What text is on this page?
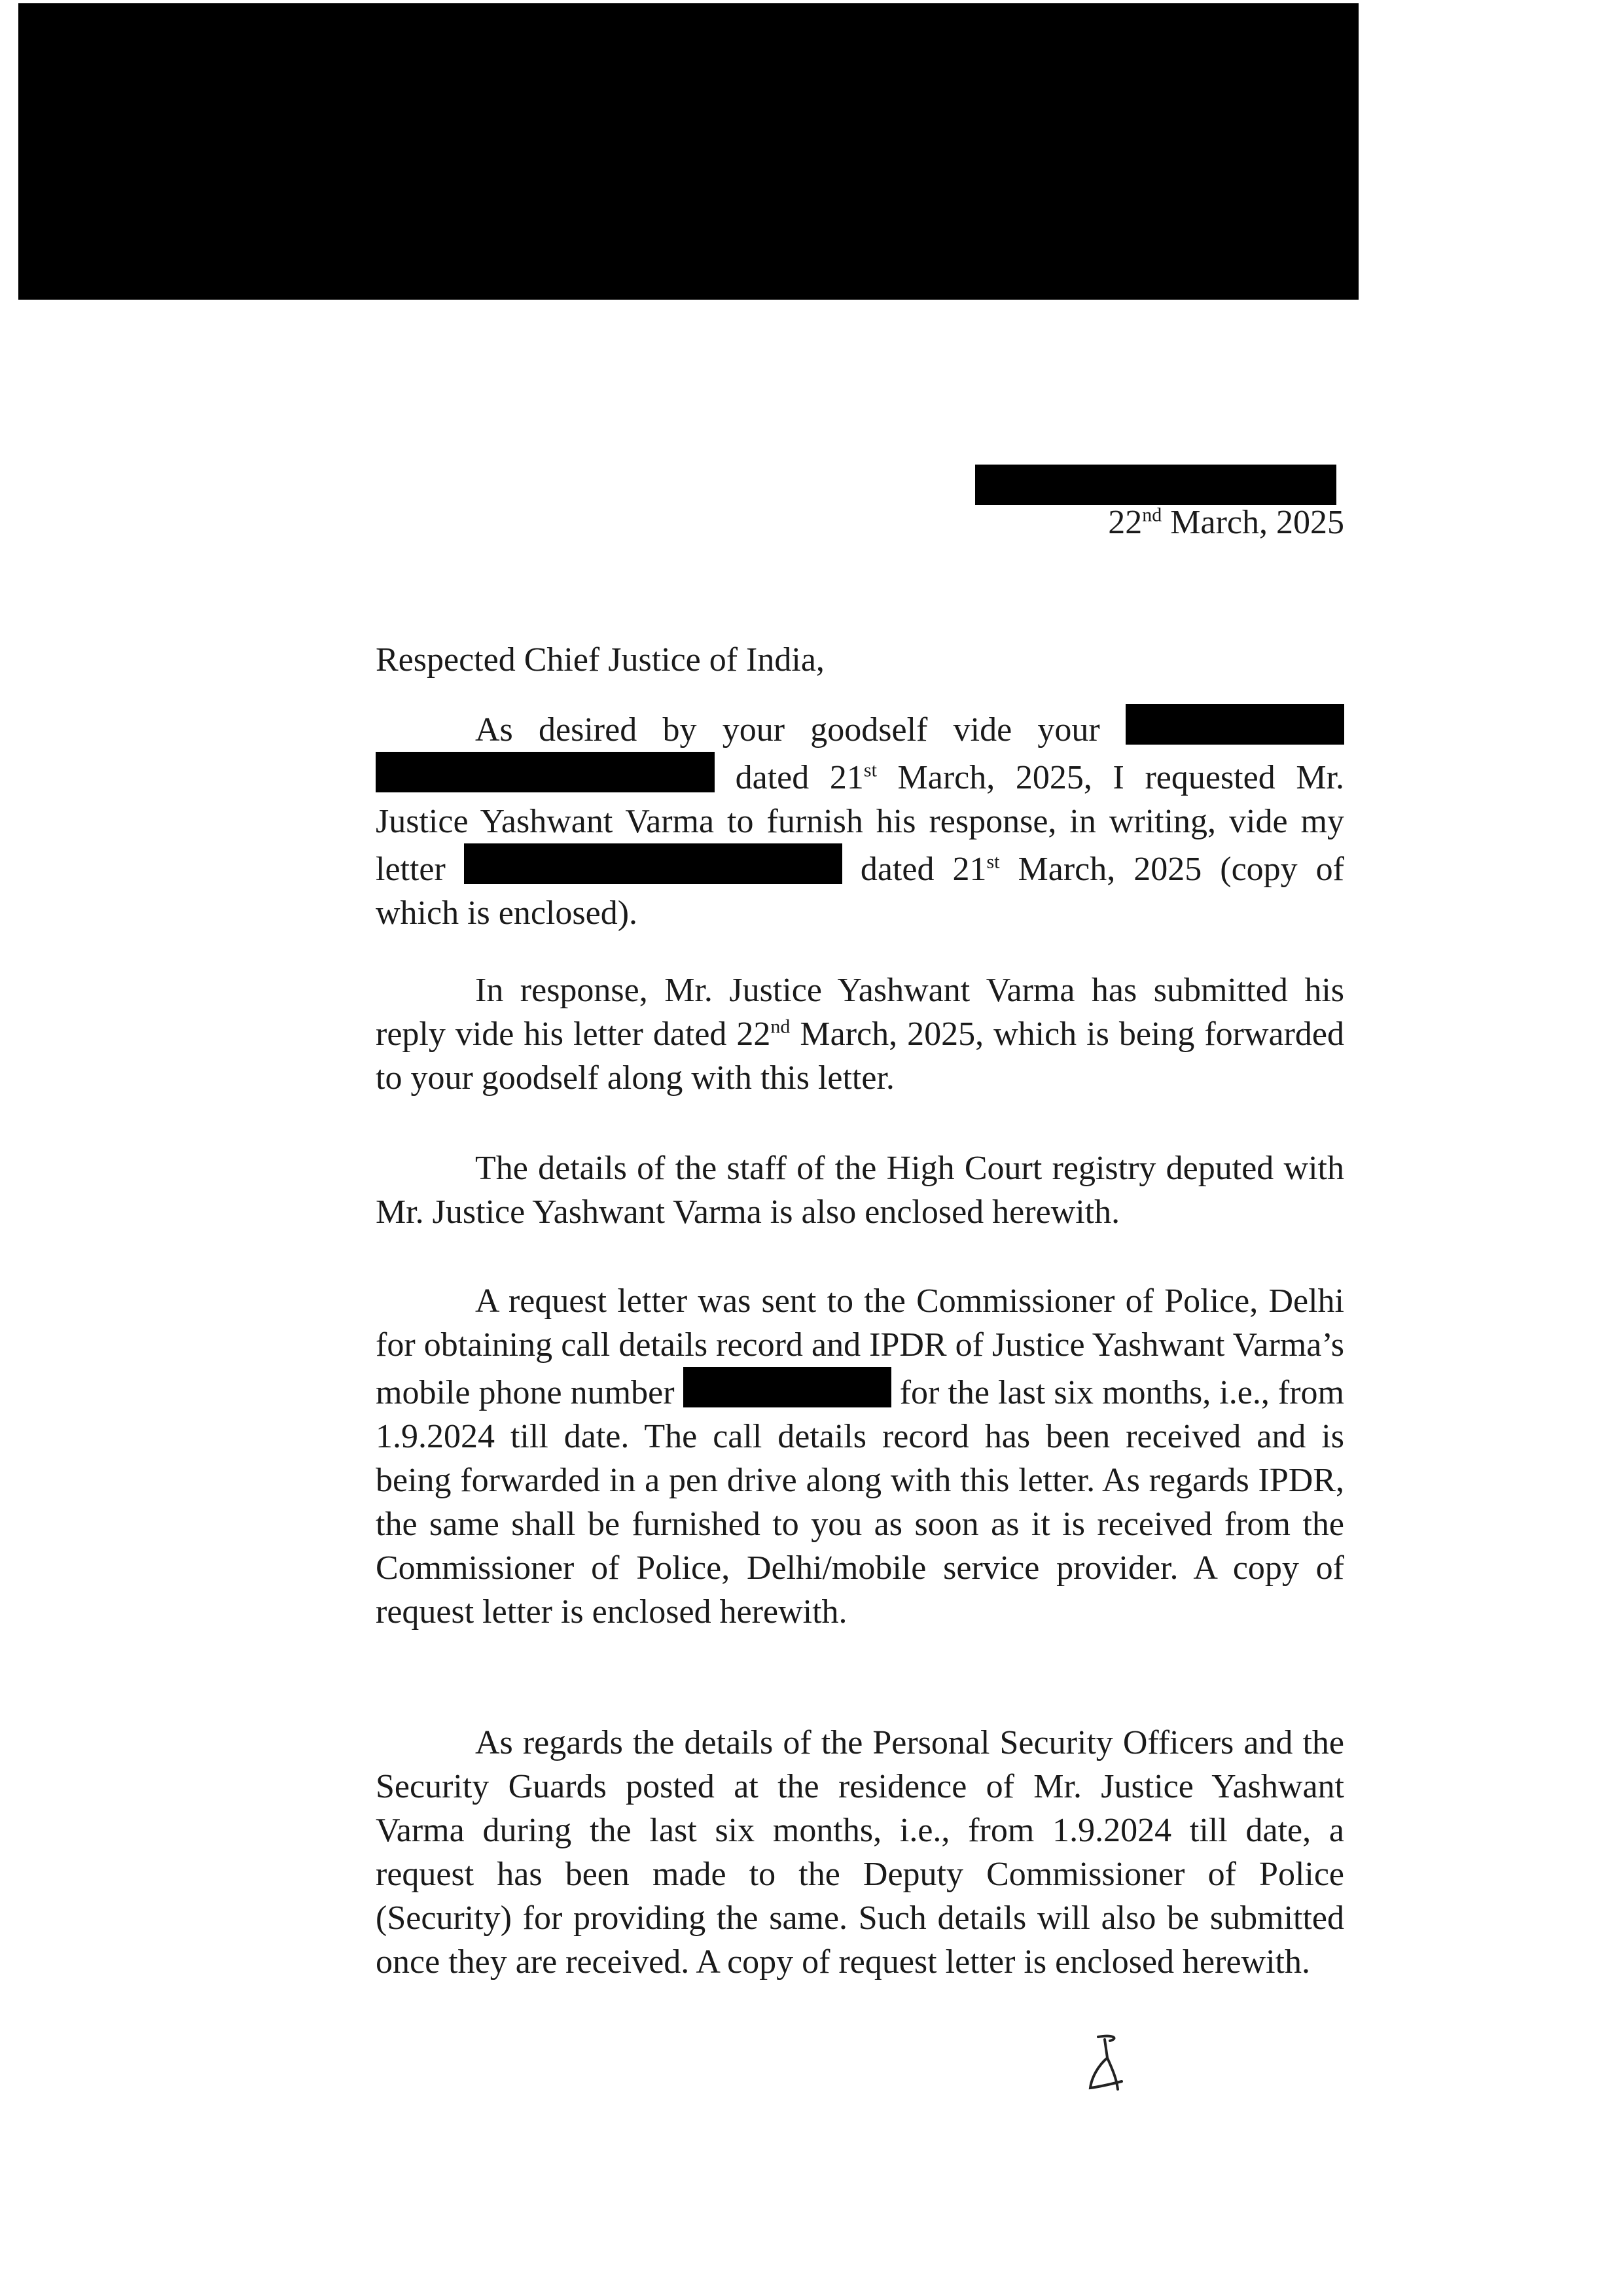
22nd March, 2025

Respected Chief Justice of India,

As desired by your goodself vide your   dated 21st March, 2025, I requested Mr. Justice Yashwant Varma to furnish his response, in writing, vide my letter	dated 21st March, 2025 (copy of which is enclosed).

In response, Mr. Justice Yashwant Varma has submitted his reply vide his letter dated 22nd March, 2025, which is being forwarded to your goodself along with this letter.

The details of the staff of the High Court registry deputed with Mr. Justice Yashwant Varma is also enclosed herewith.

A request letter was sent to the Commissioner of Police, Delhi for obtaining call details record and IPDR of Justice Yashwant Varma’s mobile phone number	for the last six months, i.e., from 1.9.2024 till date. The call details record has been received and is being forwarded in a pen drive along with this letter. As regards IPDR, the same shall be furnished to you as soon as it is received from the Commissioner of Police, Delhi/mobile service provider. A copy of request letter is enclosed herewith.

As regards the details of the Personal Security Officers and the Security Guards posted at the residence of Mr. Justice Yashwant Varma during the last six months, i.e., from 1.9.2024 till date, a request has been made to the Deputy Commissioner of Police (Security) for providing the same. Such details will also be submitted once they are received. A copy of request letter is enclosed herewith.
